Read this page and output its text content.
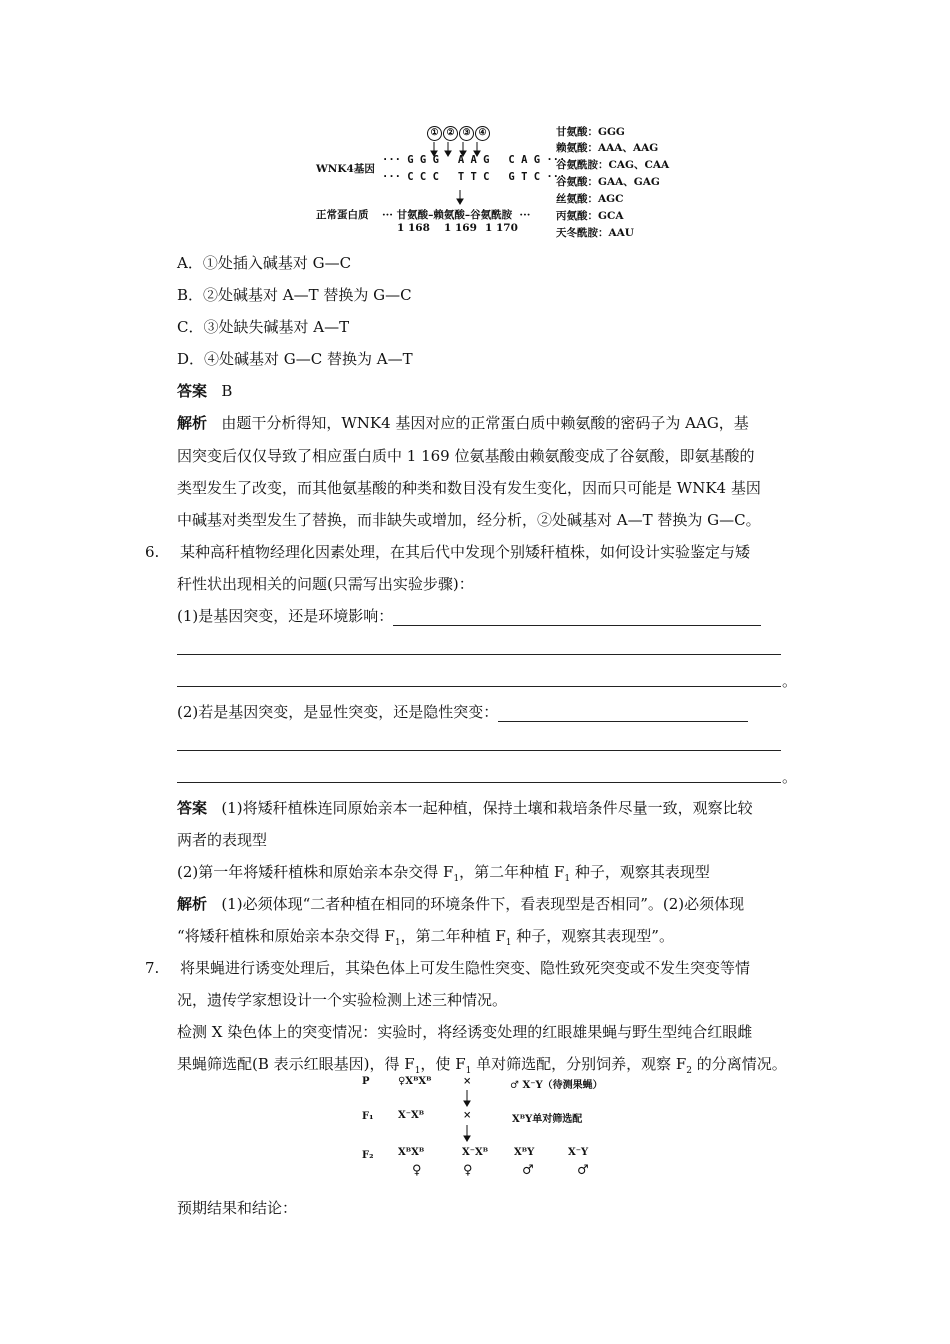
① ② ③ ④
WNK4基因
··· G G G   A A G   C A G ···
··· C C C   T T C   G T C ···
正常蛋白质 ··· 甘氨酸–赖氨酸–谷氨酰胺  ···
1 168 1 169 1 170
甘氨酸：GGG
赖氨酸：AAA、AAG
谷氨酰胺：CAG、CAA
谷氨酸：GAA、GAG
丝氨酸：AGC
丙氨酸：GCA
天冬酰胺：AAU
A．①处插入碱基对 G—C
B．②处碱基对 A—T 替换为 G—C
C．③处缺失碱基对 A—T
D．④处碱基对 G—C 替换为 A—T
答案 B
解析 由题干分析得知，WNK4 基因对应的正常蛋白质中赖氨酸的密码子为 AAG，基
因突变后仅仅导致了相应蛋白质中 1 169 位氨基酸由赖氨酸变成了谷氨酸，即氨基酸的
类型发生了改变，而其他氨基酸的种类和数目没有发生变化，因而只可能是 WNK4 基因
中碱基对类型发生了替换，而非缺失或增加，经分析，②处碱基对 A—T 替换为 G—C。
6. 某种高秆植物经理化因素处理，在其后代中发现个别矮秆植株，如何设计实验鉴定与矮
秆性状出现相关的问题(只需写出实验步骤)：
(1)是基因突变，还是环境影响：
。
(2)若是基因突变，是显性突变，还是隐性突变：
。
答案 (1)将矮秆植株连同原始亲本一起种植，保持土壤和栽培条件尽量一致，观察比较
两者的表现型
(2)第一年将矮秆植株和原始亲本杂交得 $F_1$，第二年种植 $F_1$ 种子，观察其表现型
解析 (1)必须体现“二者种植在相同的环境条件下，看表现型是否相同”。(2)必须体现
“将矮秆植株和原始亲本杂交得 $F_1$，第二年种植 $F_1$ 种子，观察其表现型”。
7. 将果蝇进行诱变处理后，其染色体上可发生隐性突变、隐性致死突变或不发生突变等情
况，遗传学家想设计一个实验检测上述三种情况。
检测 X 染色体上的突变情况：实验时，将经诱变处理的红眼雄果蝇与野生型纯合红眼雌
果蝇筛选配(B 表示红眼基因)，得 $F_1$，使 $F_1$ 单对筛选配，分别饲养，观察 $F_2$ 的分离情况。
P	♀XᴮXᴮ	×	♂ X⁻Y（待测果蝇）
F₁ X⁻Xᴮ	×	XᴮY单对筛选配
F₂ XᴮXᴮ	X⁻Xᴮ	XᴮY	X⁻Y
♀	♀	♂	♂
预期结果和结论：
